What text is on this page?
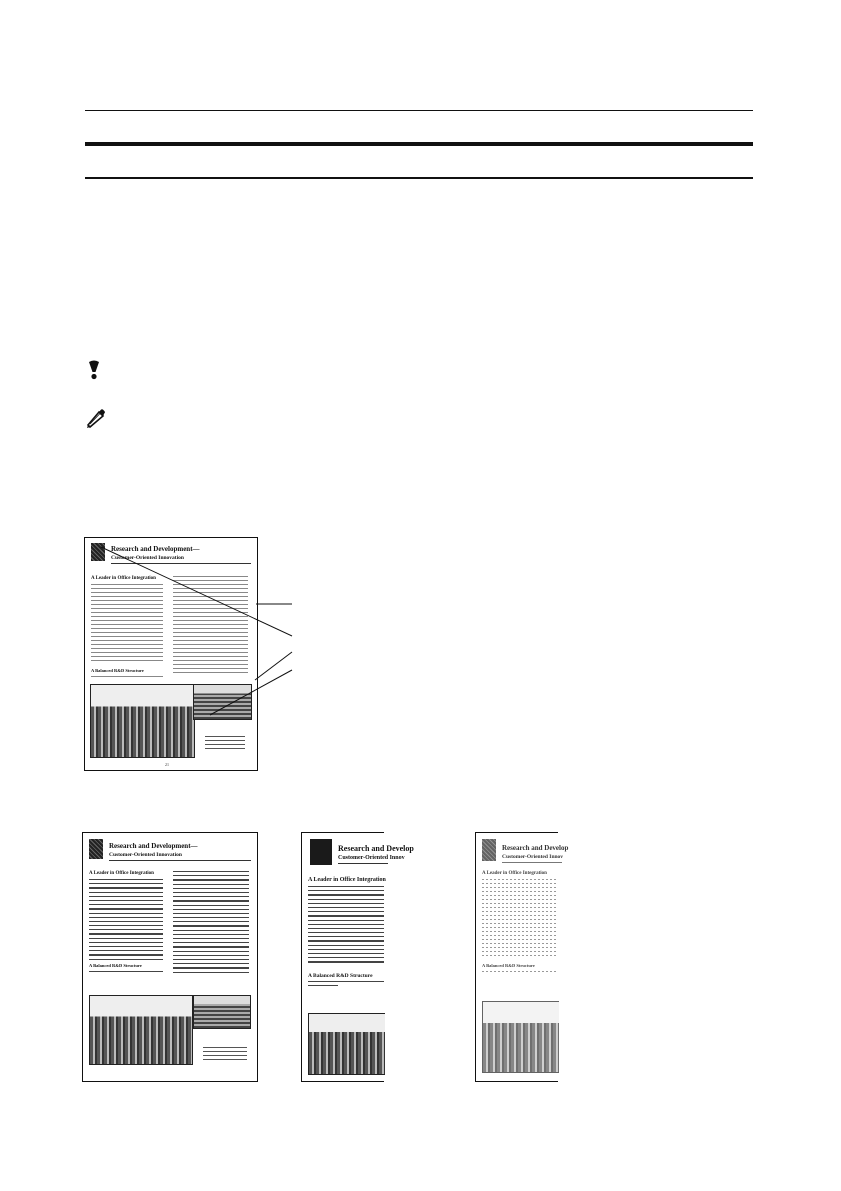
Research and Development—
Customer-Oriented Innovation
A Leader in Office Integration
A Balanced R&D Structure
21
Research and Development—
Customer-Oriented Innovation
A Leader in Office Integration
A Balanced R&D Structure
Research and Develop
Customer-Oriented Innov
A Leader in Office Integration
A Balanced R&D Structure
Research and Develop
Customer-Oriented Innov
A Leader in Office Integration
A Balanced R&D Structure
